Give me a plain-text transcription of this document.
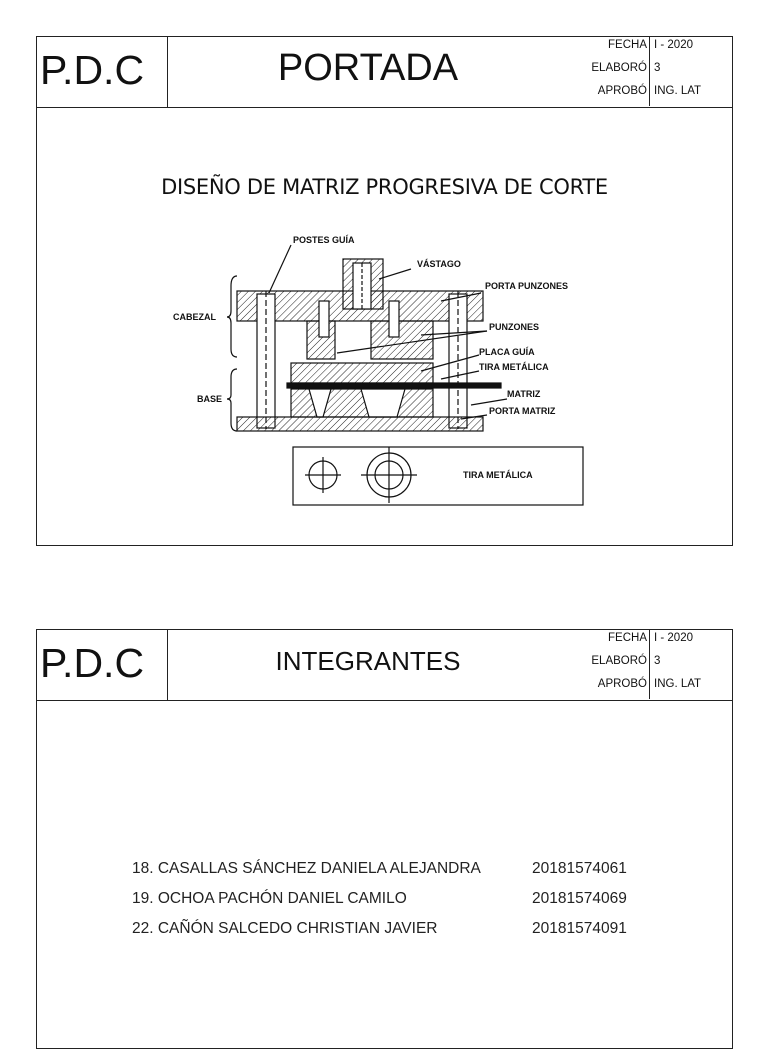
P.D.C	PORTADA
FECHA I - 2020
ELABORÓ 3
APROBÓ ING. LAT
DISEÑO DE MATRIZ PROGRESIVA DE CORTE
POSTES GUÍA
VÁSTAGO
PORTA PUNZONES
CABEZAL
PUNZONES
PLACA GUÍA
TIRA METÁLICA
BASE	MATRIZ
PORTA MATRIZ
TIRA METÁLICA
P.D.C	INTEGRANTES
FECHA I - 2020
ELABORÓ 3
APROBÓ ING. LAT
18. CASALLAS SÁNCHEZ DANIELA ALEJANDRA	20181574061
19. OCHOA PACHÓN DANIEL CAMILO	20181574069
22. CAÑÓN SALCEDO CHRISTIAN JAVIER	20181574091
